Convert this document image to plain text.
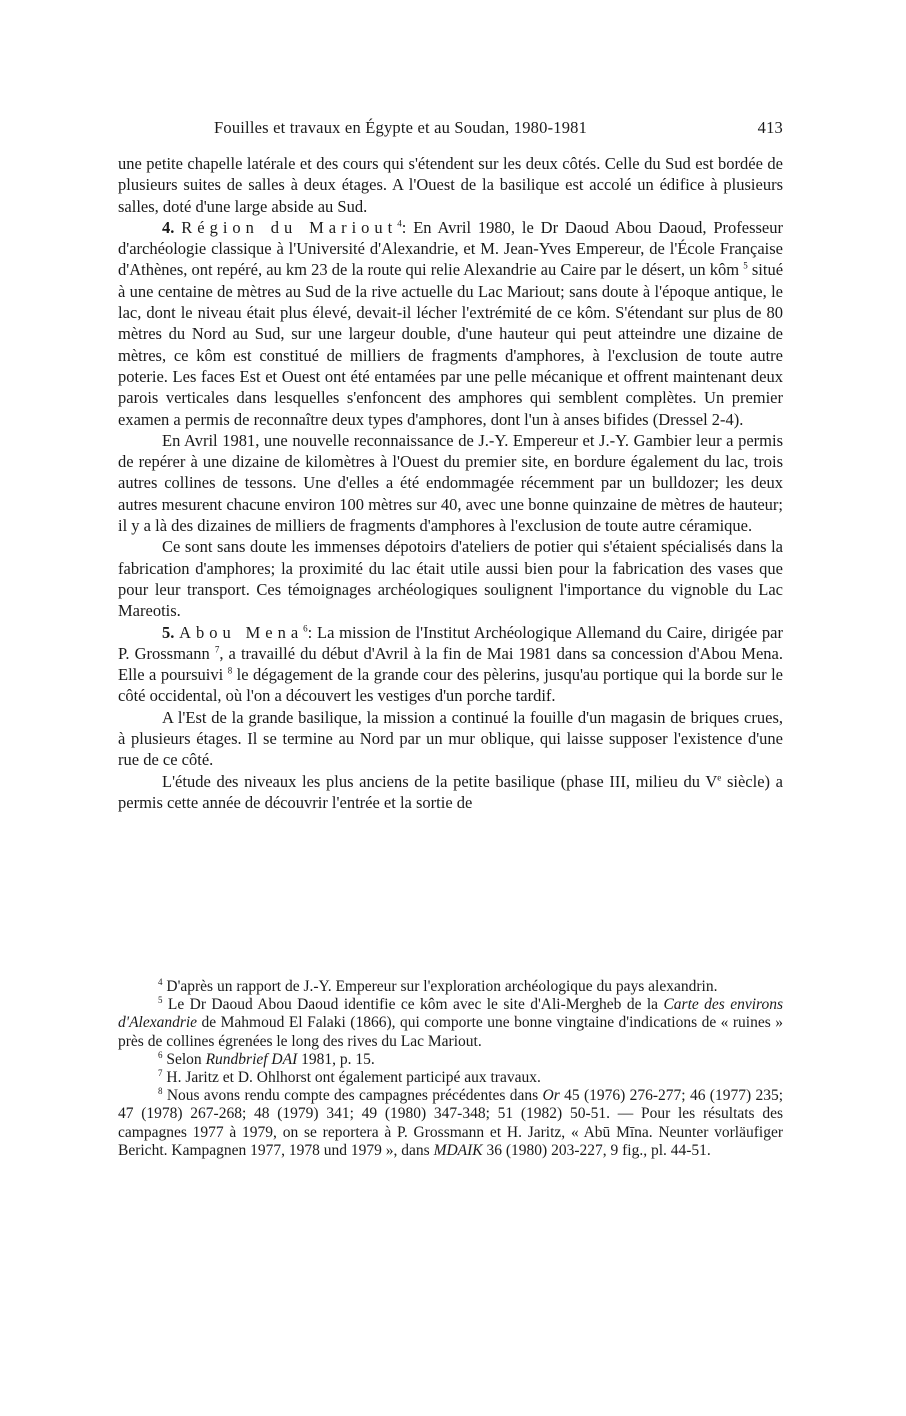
Fouilles et travaux en Égypte et au Soudan, 1980-1981	413

une petite chapelle latérale et des cours qui s'étendent sur les deux côtés. Celle du Sud est bordée de plusieurs suites de salles à deux étages. A l'Ouest de la basilique est accolé un édifice à plusieurs salles, doté d'une large abside au Sud.

4. Région du Mariout$^4$: En Avril 1980, le Dr Daoud Abou Daoud, Professeur d'archéologie classique à l'Université d'Alexandrie, et M. Jean-Yves Empereur, de l'École Française d'Athènes, ont repéré, au km 23 de la route qui relie Alexandrie au Caire par le désert, un kôm $^5$ situé à une centaine de mètres au Sud de la rive actuelle du Lac Mariout; sans doute à l'époque antique, le lac, dont le niveau était plus élevé, devait-il lécher l'extrémité de ce kôm. S'étendant sur plus de 80 mètres du Nord au Sud, sur une largeur double, d'une hauteur qui peut atteindre une dizaine de mètres, ce kôm est constitué de milliers de fragments d'amphores, à l'exclusion de toute autre poterie. Les faces Est et Ouest ont été entamées par une pelle mécanique et offrent maintenant deux parois verticales dans lesquelles s'enfoncent des amphores qui semblent complètes. Un premier examen a permis de reconnaître deux types d'amphores, dont l'un à anses bifides (Dressel 2-4).

En Avril 1981, une nouvelle reconnaissance de J.-Y. Empereur et J.-Y. Gambier leur a permis de repérer à une dizaine de kilomètres à l'Ouest du premier site, en bordure également du lac, trois autres collines de tessons. Une d'elles a été endommagée récemment par un bulldozer; les deux autres mesurent chacune environ 100 mètres sur 40, avec une bonne quinzaine de mètres de hauteur; il y a là des dizaines de milliers de fragments d'amphores à l'exclusion de toute autre céramique.

Ce sont sans doute les immenses dépotoirs d'ateliers de potier qui s'étaient spécialisés dans la fabrication d'amphores; la proximité du lac était utile aussi bien pour la fabrication des vases que pour leur transport. Ces témoignages archéologiques soulignent l'importance du vignoble du Lac Mareotis.

5. Abou Mena$^6$: La mission de l'Institut Archéologique Allemand du Caire, dirigée par P. Grossmann $^7$, a travaillé du début d'Avril à la fin de Mai 1981 dans sa concession d'Abou Mena. Elle a poursuivi $^8$ le dégagement de la grande cour des pèlerins, jusqu'au portique qui la borde sur le côté occidental, où l'on a découvert les vestiges d'un porche tardif.

A l'Est de la grande basilique, la mission a continué la fouille d'un magasin de briques crues, à plusieurs étages. Il se termine au Nord par un mur oblique, qui laisse supposer l'existence d'une rue de ce côté.

L'étude des niveaux les plus anciens de la petite basilique (phase III, milieu du Ve siècle) a permis cette année de découvrir l'entrée et la sortie de

$^4$ D'après un rapport de J.-Y. Empereur sur l'exploration archéologique du pays alexandrin.

$^5$ Le Dr Daoud Abou Daoud identifie ce kôm avec le site d'Ali-Mergheb de la Carte des environs d'Alexandrie de Mahmoud El Falaki (1866), qui comporte une bonne vingtaine d'indications de « ruines » près de collines égrenées le long des rives du Lac Mariout.

$^6$ Selon Rundbrief DAI 1981, p. 15.

$^7$ H. Jaritz et D. Ohlhorst ont également participé aux travaux.

$^8$ Nous avons rendu compte des campagnes précédentes dans Or 45 (1976) 276-277; 46 (1977) 235; 47 (1978) 267-268; 48 (1979) 341; 49 (1980) 347-348; 51 (1982) 50-51. — Pour les résultats des campagnes 1977 à 1979, on se reportera à P. Grossmann et H. Jaritz, « Abū Mīna. Neunter vorläufiger Bericht. Kampagnen 1977, 1978 und 1979 », dans MDAIK 36 (1980) 203-227, 9 fig., pl. 44-51.
